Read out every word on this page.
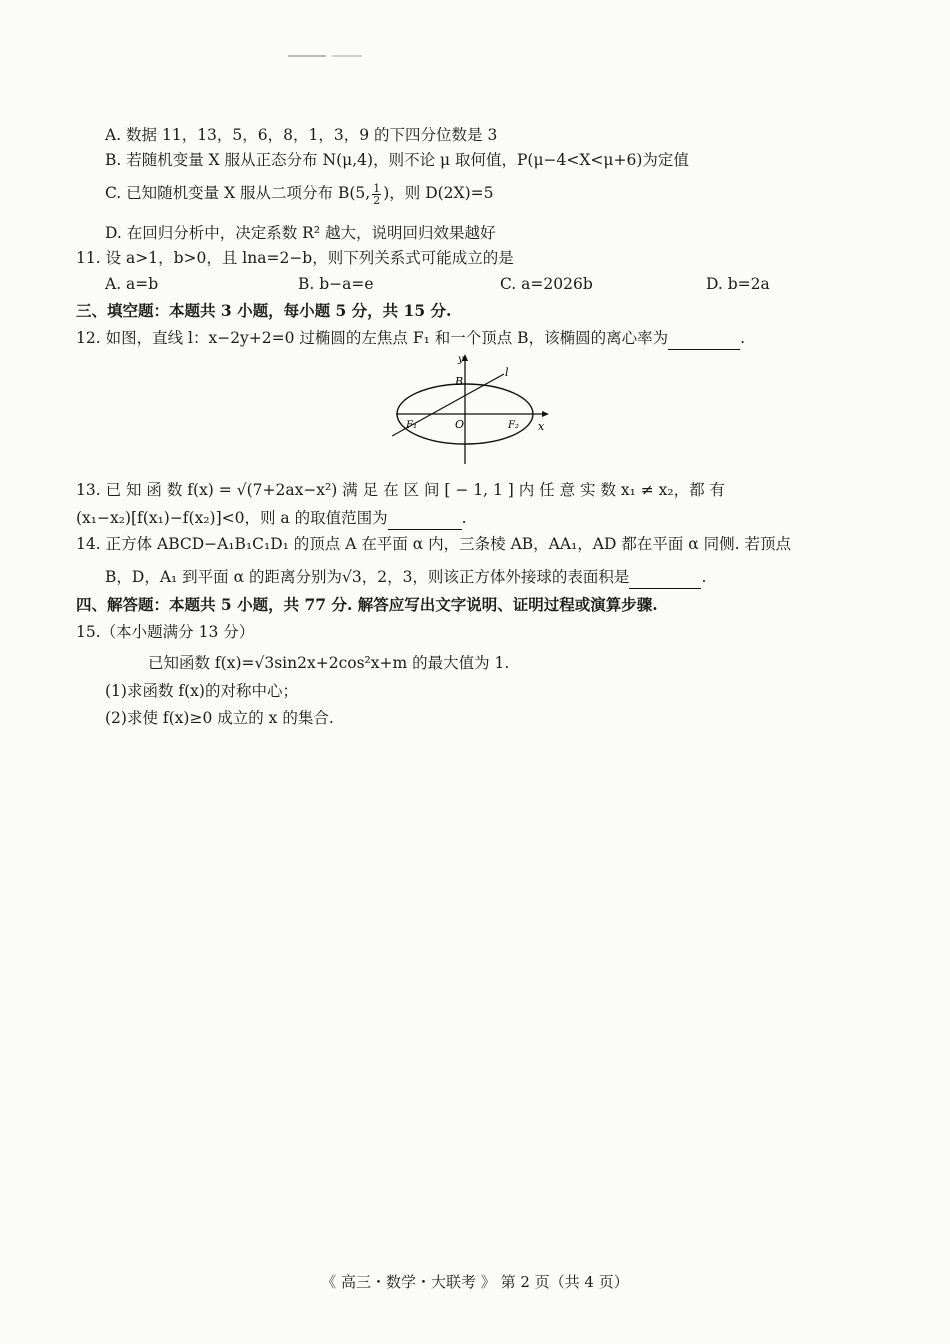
A. 数据 11，13，5，6，8，1，3，9 的下四分位数是 3
B. 若随机变量 X 服从正态分布 N(μ,4)，则不论 μ 取何值，P(μ−4<X<μ+6)为定值
C. 已知随机变量 X 服从二项分布 B(5, $\frac{1}{2}$ )，则 D(2X)=5
D. 在回归分析中，决定系数 R² 越大，说明回归效果越好
11. 设 a>1，b>0，且 lna=2−b，则下列关系式可能成立的是
A. a=b	B. b−a=e	C. a=2026b	D. b=2a
三、填空题：本题共 3 小题，每小题 5 分，共 15 分.
12. 如图，直线 l：x−2y+2=0 过椭圆的左焦点 F₁ 和一个顶点 B，该椭圆的离心率为	.
y
l
B
F₁	O	F₂ x
13. 已 知 函 数 f(x) = √(7+2ax−x²) 满 足 在 区 间 [ − 1, 1 ] 内 任 意 实 数 x₁ ≠ x₂，都 有
(x₁−x₂)[f(x₁)−f(x₂)]<0，则 a 的取值范围为	.
14. 正方体 ABCD−A₁B₁C₁D₁ 的顶点 A 在平面 α 内，三条棱 AB，AA₁，AD 都在平面 α 同侧. 若顶点
B，D，A₁ 到平面 α 的距离分别为√3，2，3，则该正方体外接球的表面积是	.
四、解答题：本题共 5 小题，共 77 分. 解答应写出文字说明、证明过程或演算步骤.
15.（本小题满分 13 分）
已知函数 f(x)=√3sin2x+2cos²x+m 的最大值为 1.
(1)求函数 f(x)的对称中心；
(2)求使 f(x)≥0 成立的 x 的集合.
《 高三・数学・大联考 》 第 2 页（共 4 页）
